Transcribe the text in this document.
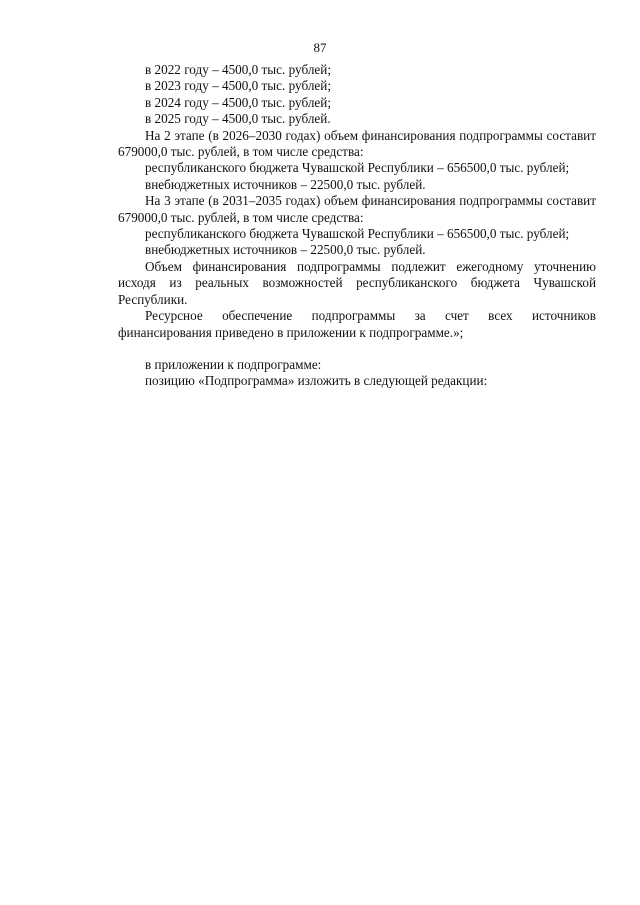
87

в 2022 году – 4500,0 тыс. рублей;

в 2023 году – 4500,0 тыс. рублей;

в 2024 году – 4500,0 тыс. рублей;

в 2025 году – 4500,0 тыс. рублей.

На 2 этапе (в 2026–2030 годах) объем финансирования подпрограммы составит 679000,0 тыс. рублей, в том числе средства:

республиканского бюджета Чувашской Республики – 656500,0 тыс. рублей;

внебюджетных источников – 22500,0 тыс. рублей.

На 3 этапе (в 2031–2035 годах) объем финансирования подпрограммы составит 679000,0 тыс. рублей, в том числе средства:

республиканского бюджета Чувашской Республики – 656500,0 тыс. рублей;

внебюджетных источников – 22500,0 тыс. рублей.

Объем финансирования подпрограммы подлежит ежегодному уточнению исходя из реальных возможностей республиканского бюджета Чувашской Республики.

Ресурсное обеспечение подпрограммы за счет всех источников финансирования приведено в приложении к подпрограмме.»;

в приложении к подпрограмме:

позицию «Подпрограмма» изложить в следующей редакции:
